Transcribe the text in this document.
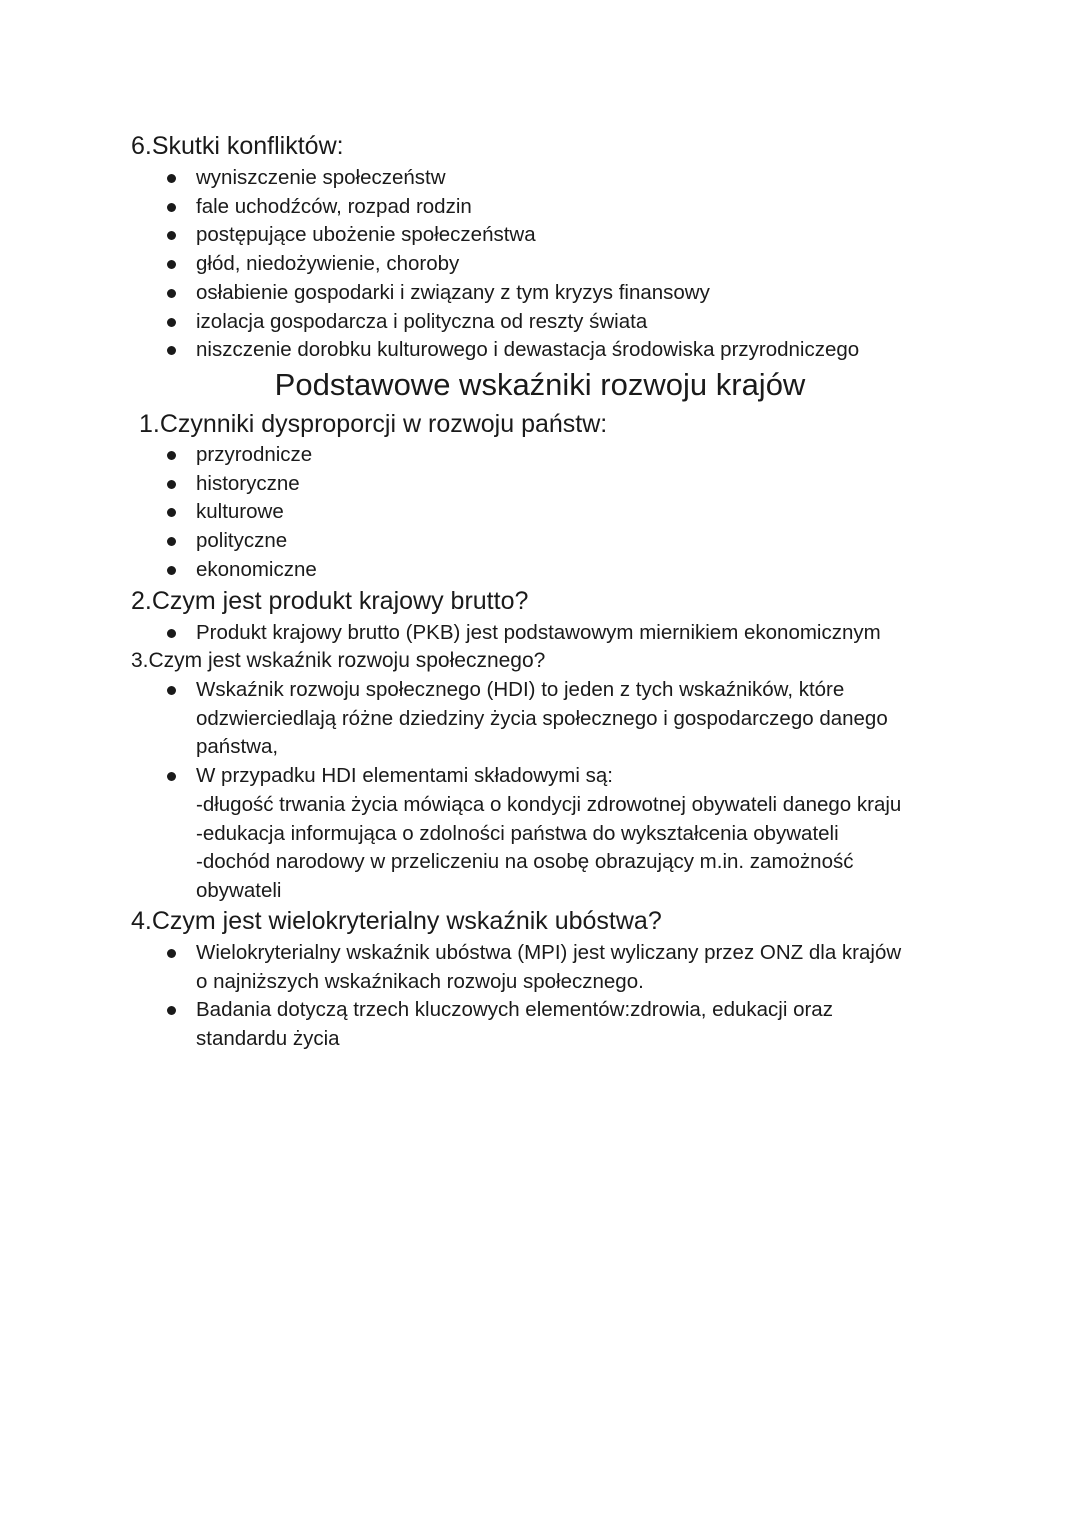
6.Skutki konfliktów:
wyniszczenie społeczeństw
fale uchodźców, rozpad rodzin
postępujące ubożenie społeczeństwa
głód, niedożywienie, choroby
osłabienie gospodarki i związany z tym kryzys finansowy
izolacja gospodarcza i polityczna od reszty świata
niszczenie dorobku kulturowego i dewastacja środowiska przyrodniczego
Podstawowe wskaźniki rozwoju krajów
1.Czynniki dysproporcji w rozwoju państw:
przyrodnicze
historyczne
kulturowe
polityczne
ekonomiczne
2.Czym jest produkt krajowy brutto?
Produkt krajowy brutto (PKB) jest podstawowym miernikiem ekonomicznym
3.Czym jest wskaźnik rozwoju społecznego?
Wskaźnik rozwoju społecznego (HDI) to jeden z tych wskaźników, które
odzwierciedlają różne dziedziny życia społecznego i gospodarczego danego
państwa,
W przypadku HDI elementami składowymi są:
-długość trwania życia mówiąca o kondycji zdrowotnej obywateli danego kraju
-edukacja informująca o zdolności państwa do wykształcenia obywateli
-dochód narodowy w przeliczeniu na osobę obrazujący m.in. zamożność
obywateli
4.Czym jest wielokryterialny wskaźnik ubóstwa?
Wielokryterialny wskaźnik ubóstwa (MPI) jest wyliczany przez ONZ dla krajów
o najniższych wskaźnikach rozwoju społecznego.
Badania dotyczą trzech kluczowych elementów:zdrowia, edukacji oraz
standardu życia
